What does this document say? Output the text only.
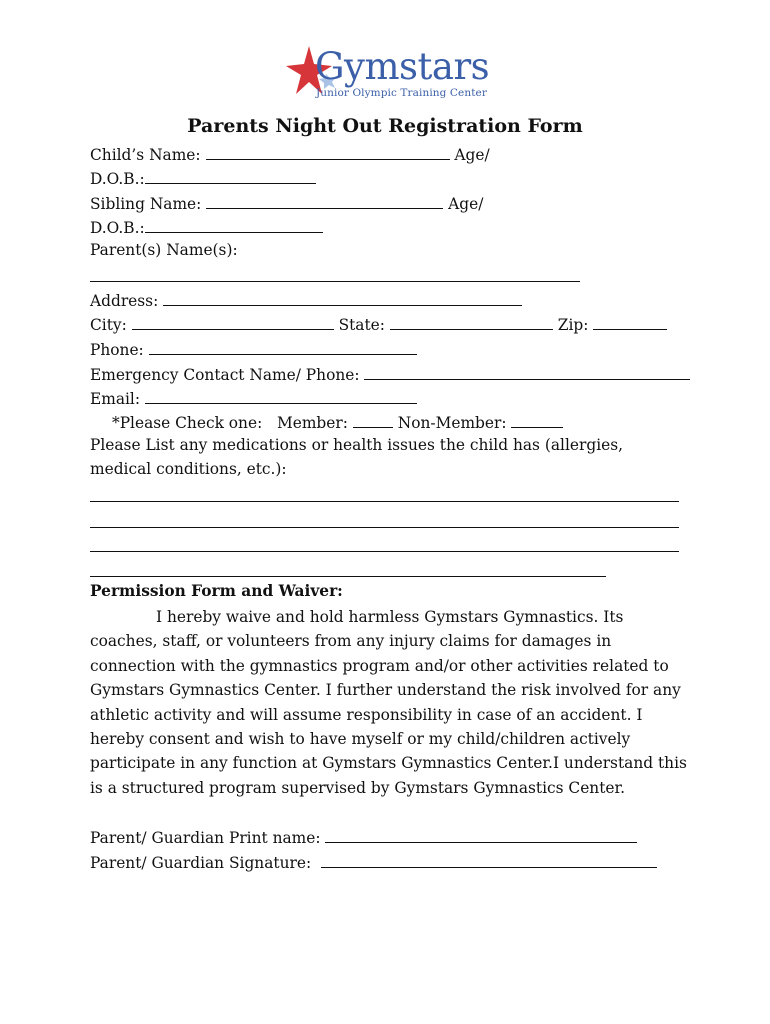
Gymstars
Junior Olympic Training Center
Parents Night Out Registration Form
Child’s Name:	Age/
D.O.B.:
Sibling Name:	Age/
D.O.B.:
Parent(s) Name(s):
Address:
City:	State:	Zip:
Phone:
Emergency Contact Name/ Phone:
Email:
*Please Check one: Member:	Non-Member:
Please List any medications or health issues the child has (allergies, medical conditions, etc.):
Permission Form and Waiver:
I hereby waive and hold harmless Gymstars Gymnastics. Its coaches, staff, or volunteers from any injury claims for damages in connection with the gymnastics program and/or other activities related to Gymstars Gymnastics Center. I further understand the risk involved for any athletic activity and will assume responsibility in case of an accident. I hereby consent and wish to have myself or my child/children actively participate in any function at Gymstars Gymnastics Center.I understand this is a structured program supervised by Gymstars Gymnastics Center.
Parent/ Guardian Print name:
Parent/ Guardian Signature:
